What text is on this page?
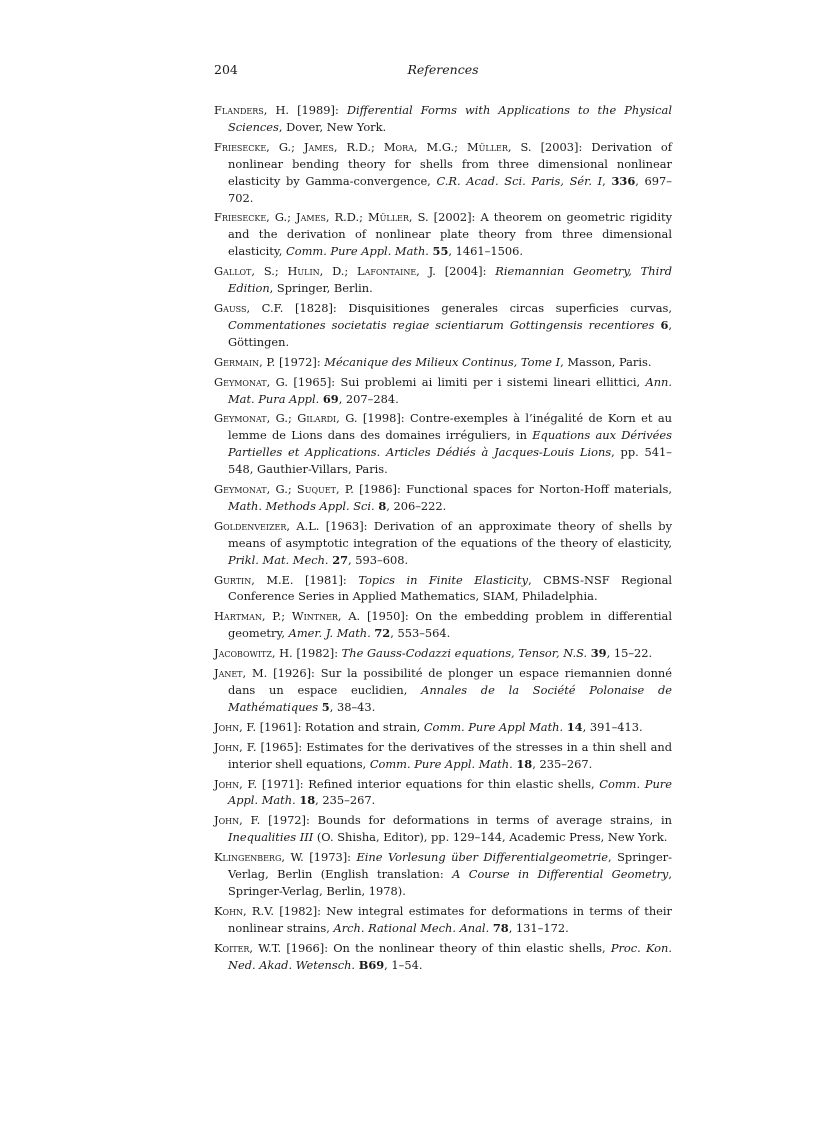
204	References

Flanders, H. [1989]: Differential Forms with Applications to the Physical Sciences, Dover, New York.

Friesecke, G.; James, R.D.; Mora, M.G.; Müller, S. [2003]: Derivation of nonlinear bending theory for shells from three dimensional nonlinear elasticity by Gamma-convergence, C.R. Acad. Sci. Paris, Sér. I, 336, 697–702.

Friesecke, G.; James, R.D.; Müller, S. [2002]: A theorem on geometric rigidity and the derivation of nonlinear plate theory from three dimensional elasticity, Comm. Pure Appl. Math. 55, 1461–1506.

Gallot, S.; Hulin, D.; Lafontaine, J. [2004]: Riemannian Geometry, Third Edition, Springer, Berlin.

Gauss, C.F. [1828]: Disquisitiones generales circas superficies curvas, Commentationes societatis regiae scientiarum Gottingensis recentiores 6, Göttingen.

Germain, P. [1972]: Mécanique des Milieux Continus, Tome I, Masson, Paris.

Geymonat, G. [1965]: Sui problemi ai limiti per i sistemi lineari ellittici, Ann. Mat. Pura Appl. 69, 207–284.

Geymonat, G.; Gilardi, G. [1998]: Contre-exemples à l’inégalité de Korn et au lemme de Lions dans des domaines irréguliers, in Equations aux Dérivées Partielles et Applications. Articles Dédiés à Jacques-Louis Lions, pp. 541–548, Gauthier-Villars, Paris.

Geymonat, G.; Suquet, P. [1986]: Functional spaces for Norton-Hoff materials, Math. Methods Appl. Sci. 8, 206–222.

Goldenveizer, A.L. [1963]: Derivation of an approximate theory of shells by means of asymptotic integration of the equations of the theory of elasticity, Prikl. Mat. Mech. 27, 593–608.

Gurtin, M.E. [1981]: Topics in Finite Elasticity, CBMS-NSF Regional Conference Series in Applied Mathematics, SIAM, Philadelphia.

Hartman, P.; Wintner, A. [1950]: On the embedding problem in differential geometry, Amer. J. Math. 72, 553–564.

Jacobowitz, H. [1982]: The Gauss-Codazzi equations, Tensor, N.S. 39, 15–22.

Janet, M. [1926]: Sur la possibilité de plonger un espace riemannien donné dans un espace euclidien, Annales de la Société Polonaise de Mathématiques 5, 38–43.

John, F. [1961]: Rotation and strain, Comm. Pure Appl Math. 14, 391–413.

John, F. [1965]: Estimates for the derivatives of the stresses in a thin shell and interior shell equations, Comm. Pure Appl. Math. 18, 235–267.

John, F. [1971]: Refined interior equations for thin elastic shells, Comm. Pure Appl. Math. 18, 235–267.

John, F. [1972]: Bounds for deformations in terms of average strains, in Inequalities III (O. Shisha, Editor), pp. 129–144, Academic Press, New York.

Klingenberg, W. [1973]: Eine Vorlesung über Differentialgeometrie, Springer-Verlag, Berlin (English translation: A Course in Differential Geometry, Springer-Verlag, Berlin, 1978).

Kohn, R.V. [1982]: New integral estimates for deformations in terms of their nonlinear strains, Arch. Rational Mech. Anal. 78, 131–172.

Koiter, W.T. [1966]: On the nonlinear theory of thin elastic shells, Proc. Kon. Ned. Akad. Wetensch. B69, 1–54.
